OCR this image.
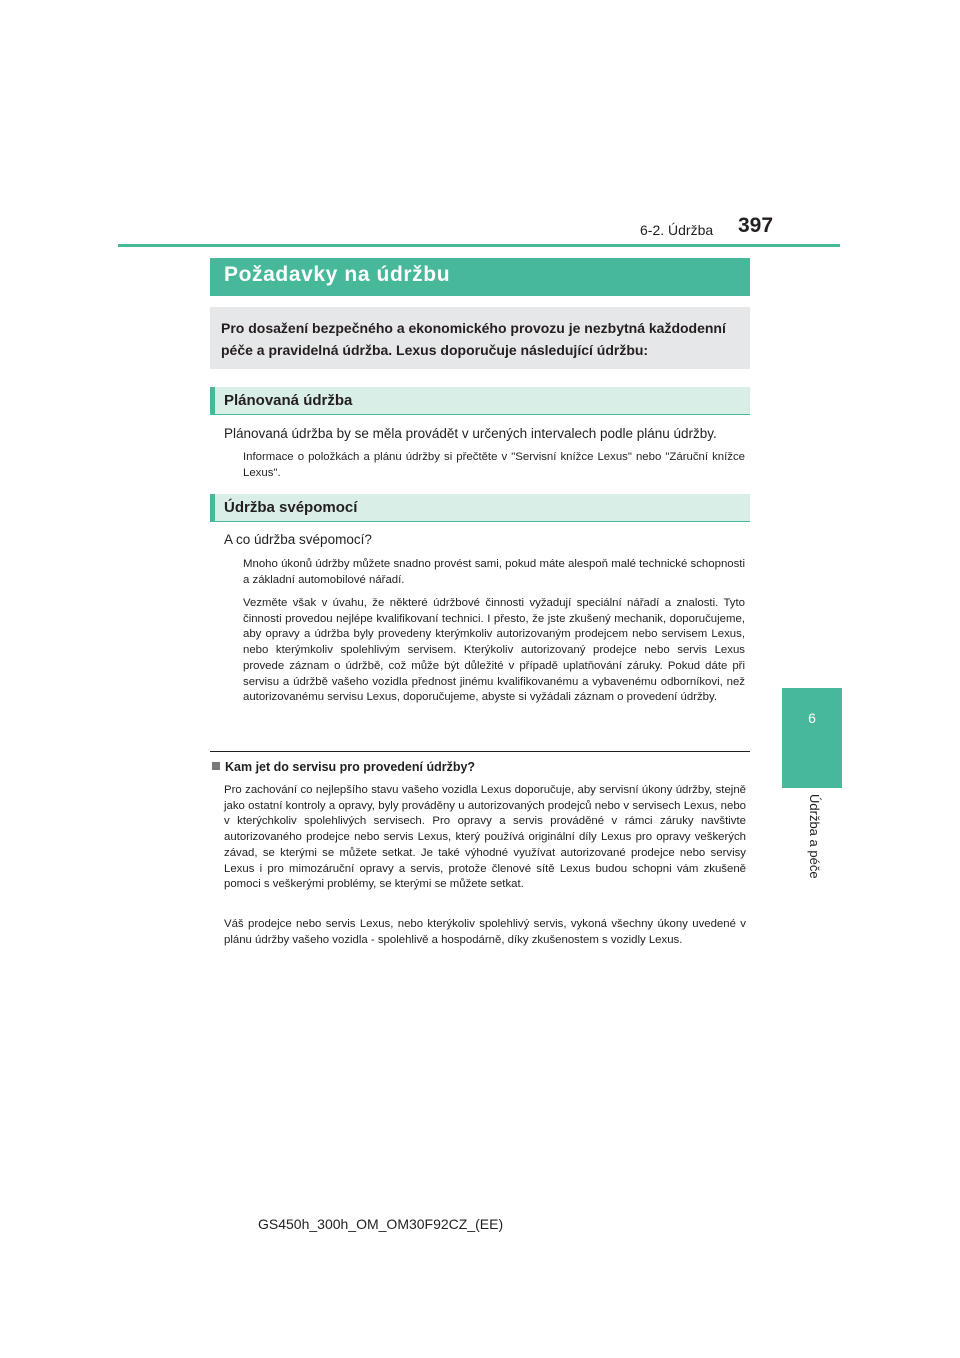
6-2. Údržba 397
6
Údržba a péče
Požadavky na údržbu
Pro dosažení bezpečného a ekonomického provozu je nezbytná každodenní péče a pravidelná údržba. Lexus doporučuje následující údržbu:
Plánovaná údržba
Plánovaná údržba by se měla provádět v určených intervalech podle plánu údržby.
Informace o položkách a plánu údržby si přečtěte v "Servisní knížce Lexus" nebo "Záruční knížce Lexus".
Údržba svépomocí
A co údržba svépomocí?
Mnoho úkonů údržby můžete snadno provést sami, pokud máte alespoň malé technické schopnosti a základní automobilové nářadí.
Vezměte však v úvahu, že některé údržbové činnosti vyžadují speciální nářadí a znalosti. Tyto činnosti provedou nejlépe kvalifikovaní technici. I přesto, že jste zkušený mechanik, doporučujeme, aby opravy a údržba byly provedeny kterýmkoliv autorizovaným prodejcem nebo servisem Lexus, nebo kterýmkoliv spolehlivým servisem. Kterýkoliv autorizovaný prodejce nebo servis Lexus provede záznam o údržbě, což může být důležité v případě uplatňování záruky. Pokud dáte při servisu a údržbě vašeho vozidla přednost jinému kvalifikovanému a vybavenému odborníkovi, než autorizovanému servisu Lexus, doporučujeme, abyste si vyžádali záznam o provedení údržby.
Kam jet do servisu pro provedení údržby?
Pro zachování co nejlepšího stavu vašeho vozidla Lexus doporučuje, aby servisní úkony údržby, stejně jako ostatní kontroly a opravy, byly prováděny u autorizovaných prodejců nebo v servisech Lexus, nebo v kterýchkoliv spolehlivých servisech. Pro opravy a servis prováděné v rámci záruky navštivte autorizovaného prodejce nebo servis Lexus, který používá originální díly Lexus pro opravy veškerých závad, se kterými se můžete setkat. Je také výhodné využívat autorizované prodejce nebo servisy Lexus i pro mimozáruční opravy a servis, protože členové sítě Lexus budou schopni vám zkušeně pomoci s veškerými problémy, se kterými se můžete setkat.
Váš prodejce nebo servis Lexus, nebo kterýkoliv spolehlivý servis, vykoná všechny úkony uvedené v plánu údržby vašeho vozidla - spolehlivě a hospodárně, díky zkušenostem s vozidly Lexus.
GS450h_300h_OM_OM30F92CZ_(EE)
